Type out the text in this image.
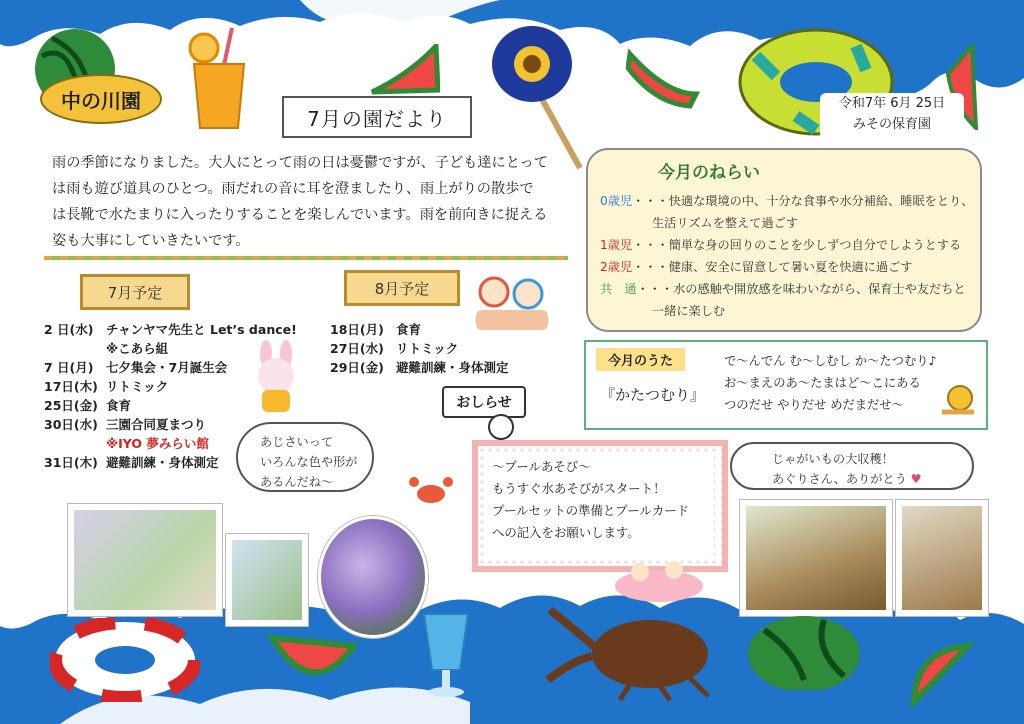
中の川園
7月の園だより
令和7年 6月 25日
みその保育園
雨の季節になりました。大人にとって雨の日は憂鬱ですが、子ども達にとって
は雨も遊び道具のひとつ。雨だれの音に耳を澄ましたり、雨上がりの散歩で
は長靴で水たまりに入ったりすることを楽しんでいます。雨を前向きに捉える
姿も大事にしていきたいです。
7月予定
2 日(水) チャンヤマ先生と Let’s dance!
※こあら組
7 日(月) 七夕集会・7月誕生会
17日(木) リトミック
25日(金) 食育
30日(水) 三園合同夏まつり
※IYO 夢みらい館
31日(木) 避難訓練・身体測定
8月予定
18日(月) 食育
27日(水) リトミック
29日(金) 避難訓練・身体測定
今月のねらい
0歳児・・・快適な環境の中、十分な食事や水分補給、睡眠をとり、
生活リズムを整えて過ごす
1歳児・・・簡単な身の回りのことを少しずつ自分でしようとする
2歳児・・・健康、安全に留意して暑い夏を快適に過ごす
共　通・・・水の感触や開放感を味わいながら、保育士や友だちと
一緒に楽しむ
今月のうた
『かたつむり』
で～んでん む～しむし か～たつむり♪
お～まえのあ～たまはど～こにある
つのだせ やりだせ めだまだせ～
おしらせ
～プールあそび～
もうすぐ水あそびがスタート！
プールセットの準備とプールカード
への記入をお願いします。
あじさいって
いろんな色や形が
あるんだね～
じゃがいもの大収穫！
あぐりさん、ありがとう ♥
